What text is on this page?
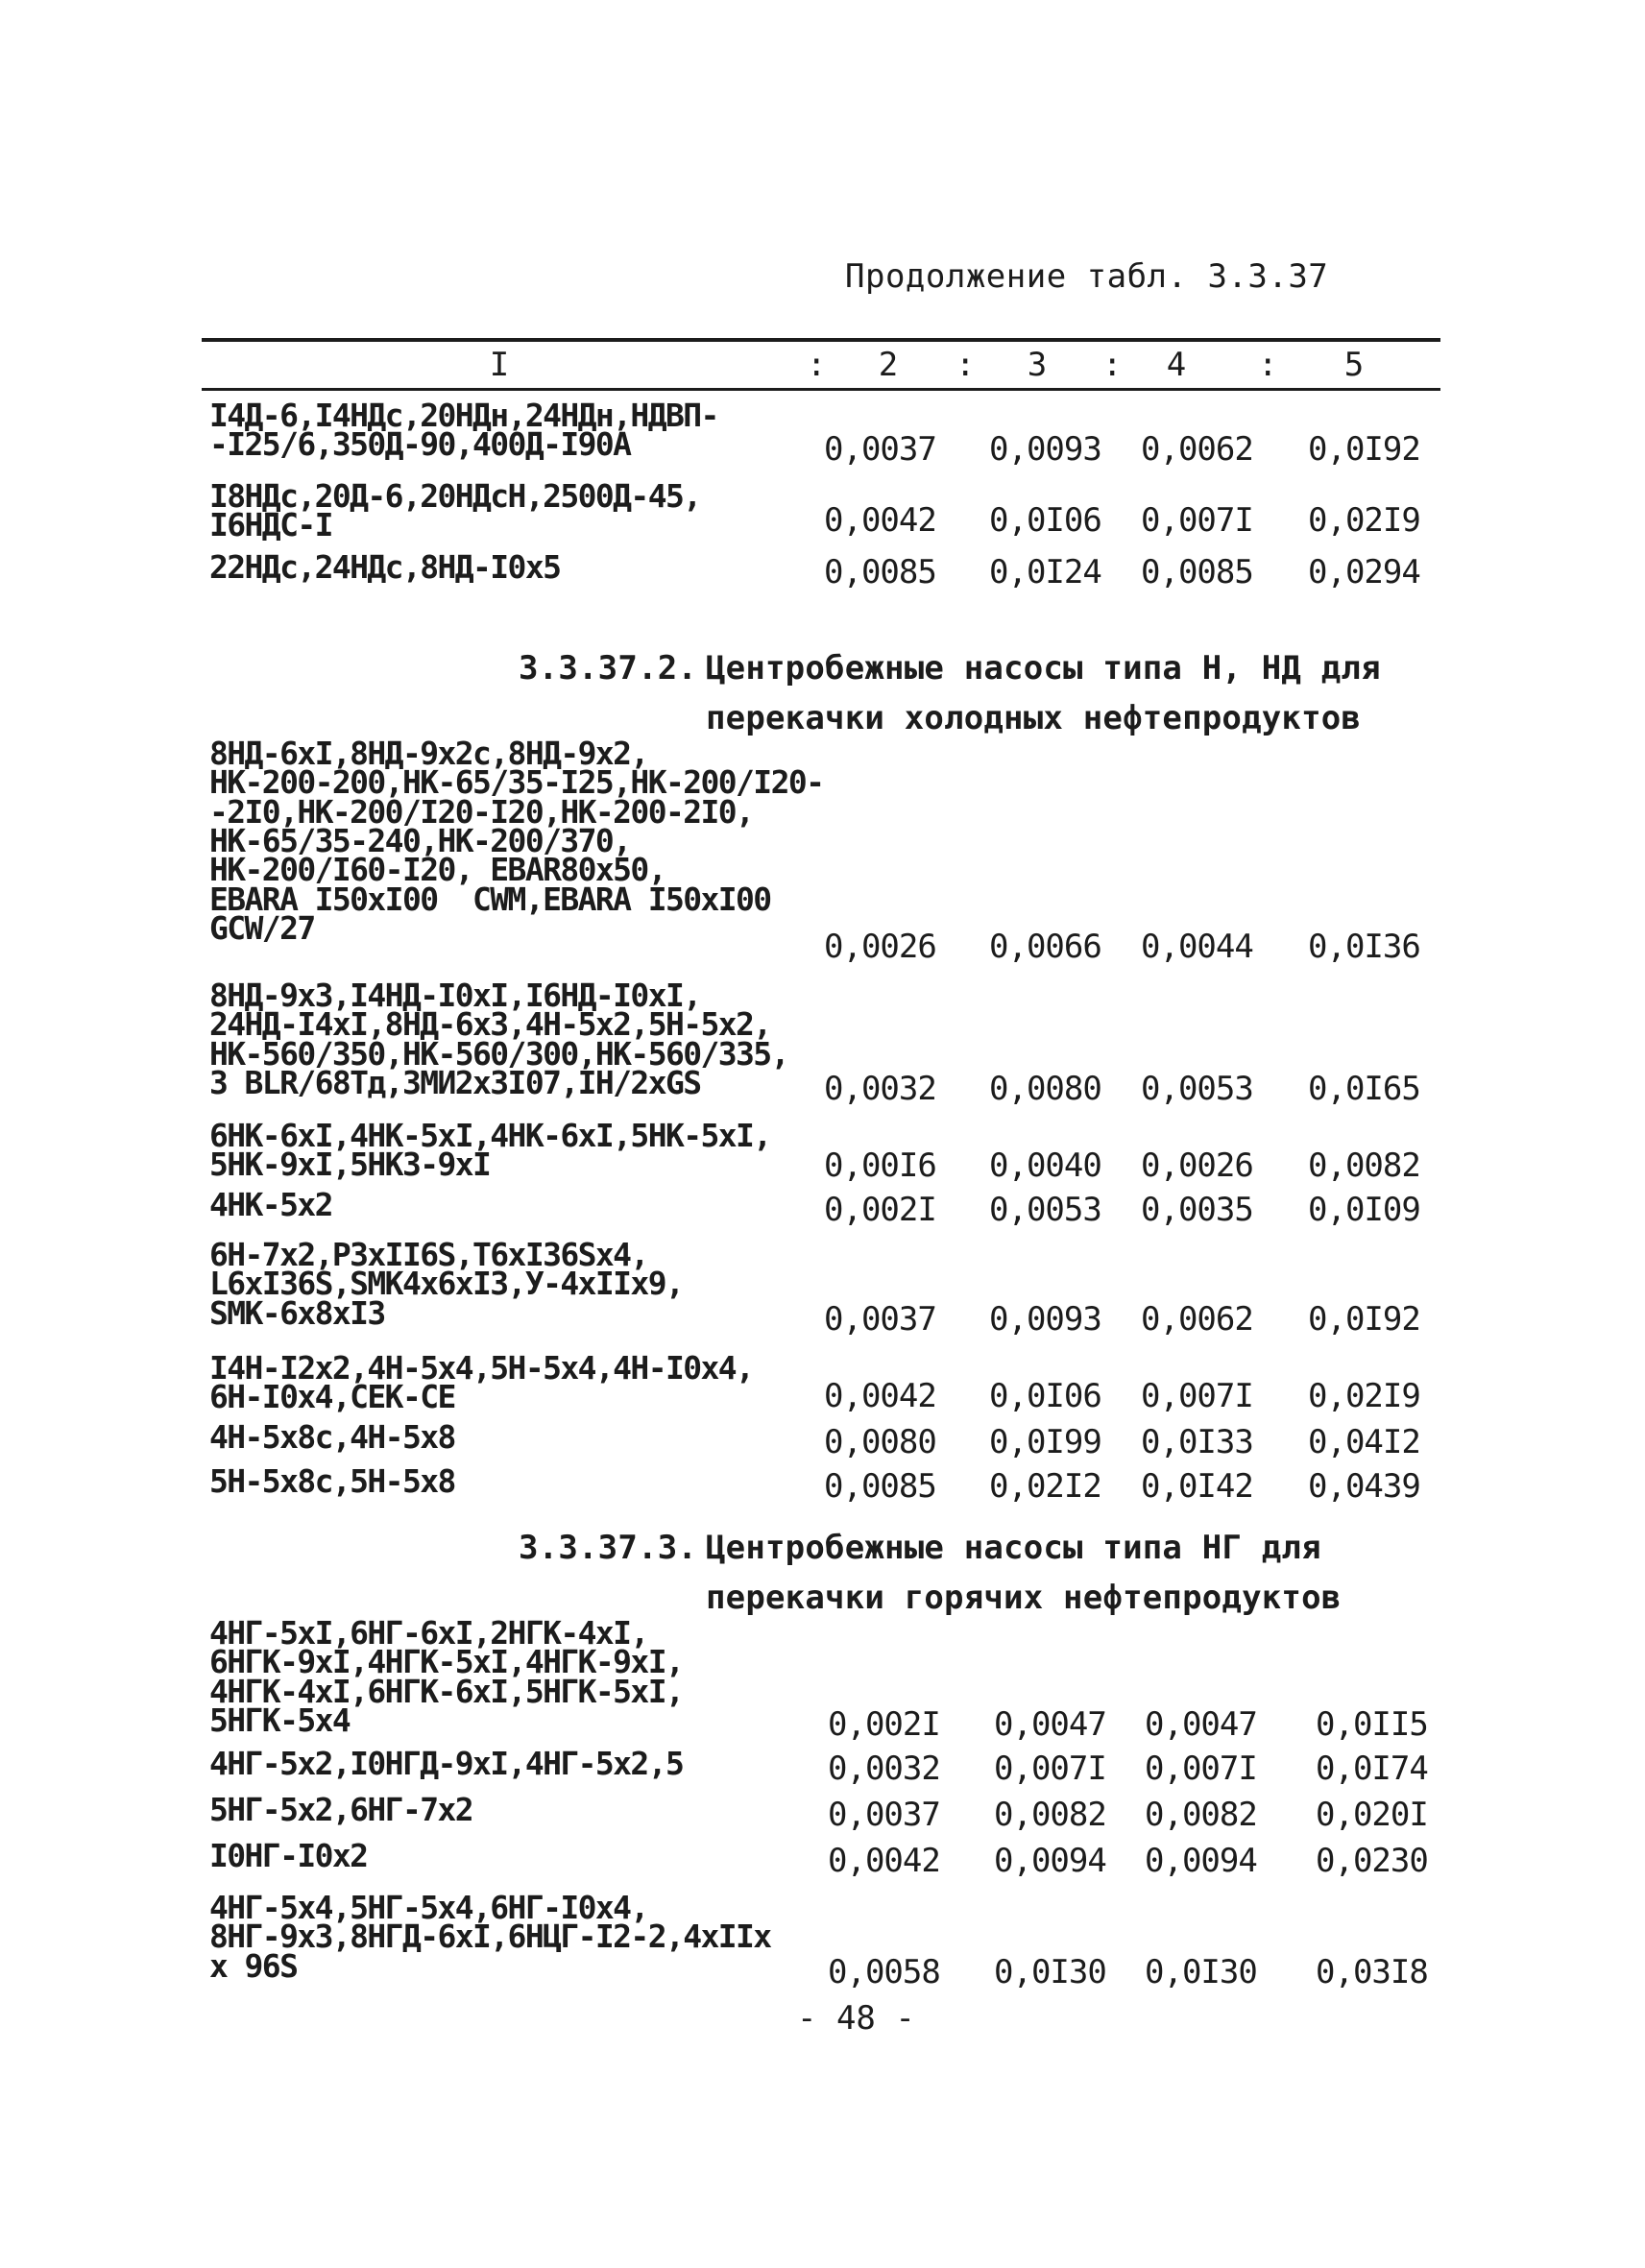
Продолжение табл. 3.3.37
I	: 2 : 3 : 4 : 5
I4Д-6,I4НДс,20НДн,24НДн,НДВП-
-I25/6,350Д-90,400Д-I90А	0,0037 0,0093 0,0062 0,0I92
I8НДс,20Д-6,20НДсН,2500Д-45,
I6НДС-I	0,0042 0,0I06 0,007I 0,02I9
22НДс,24НДс,8НД-I0х5	0,0085 0,0I24 0,0085 0,0294
3.3.37.2. Центробежные насосы типа Н, НД для
перекачки холодных нефтепродуктов
8НД-6хI,8НД-9х2с,8НД-9х2,
НК-200-200,НК-65/35-I25,НК-200/I20-
-2I0,НК-200/I20-I20,НК-200-2I0,
НК-65/35-240,НК-200/370,
НК-200/I60-I20, EBAR80х50,
EBARA I50хI00  CWM,EBARA I50хI00
GCW/27	0,0026 0,0066 0,0044 0,0I36
8НД-9х3,I4НД-I0хI,I6НД-I0хI,
24НД-I4хI,8НД-6х3,4Н-5х2,5Н-5х2,
НК-560/350,НК-560/300,НК-560/335,
3 BLR/68Тд,3МИ2х3I07,IН/2хGS	0,0032 0,0080 0,0053 0,0I65
6НК-6хI,4НК-5хI,4НК-6хI,5НК-5хI,
5НК-9хI,5НК3-9хI	0,00I6 0,0040 0,0026 0,0082
4НК-5х2	0,002I 0,0053 0,0035 0,0I09
6Н-7х2,Р3хII6S,Т6хI36Sх4,
L6хI36S,SМК4х6хI3,У-4хIIх9,
SМК-6х8хI3	0,0037 0,0093 0,0062 0,0I92
I4Н-I2х2,4Н-5х4,5Н-5х4,4Н-I0х4,
6Н-I0х4,СЕК-СЕ	0,0042 0,0I06 0,007I 0,02I9
4Н-5х8с,4Н-5х8	0,0080 0,0I99 0,0I33 0,04I2
5Н-5х8с,5Н-5х8	0,0085 0,02I2 0,0I42 0,0439
3.3.37.3. Центробежные насосы типа НГ для
перекачки горячих нефтепродуктов
4НГ-5хI,6НГ-6хI,2НГК-4хI,
6НГК-9хI,4НГК-5хI,4НГК-9хI,
4НГК-4хI,6НГК-6хI,5НГК-5хI,
5НГК-5х4	0,002I 0,0047 0,0047 0,0II5
4НГ-5х2,I0НГД-9хI,4НГ-5х2,5	0,0032 0,007I 0,007I 0,0I74
5НГ-5х2,6НГ-7х2	0,0037 0,0082 0,0082 0,020I
I0НГ-I0х2	0,0042 0,0094 0,0094 0,0230
4НГ-5х4,5НГ-5х4,6НГ-I0х4,
8НГ-9х3,8НГД-6хI,6НЦГ-I2-2,4хIIх
х 96S	0,0058 0,0I30 0,0I30 0,03I8
- 48 -
